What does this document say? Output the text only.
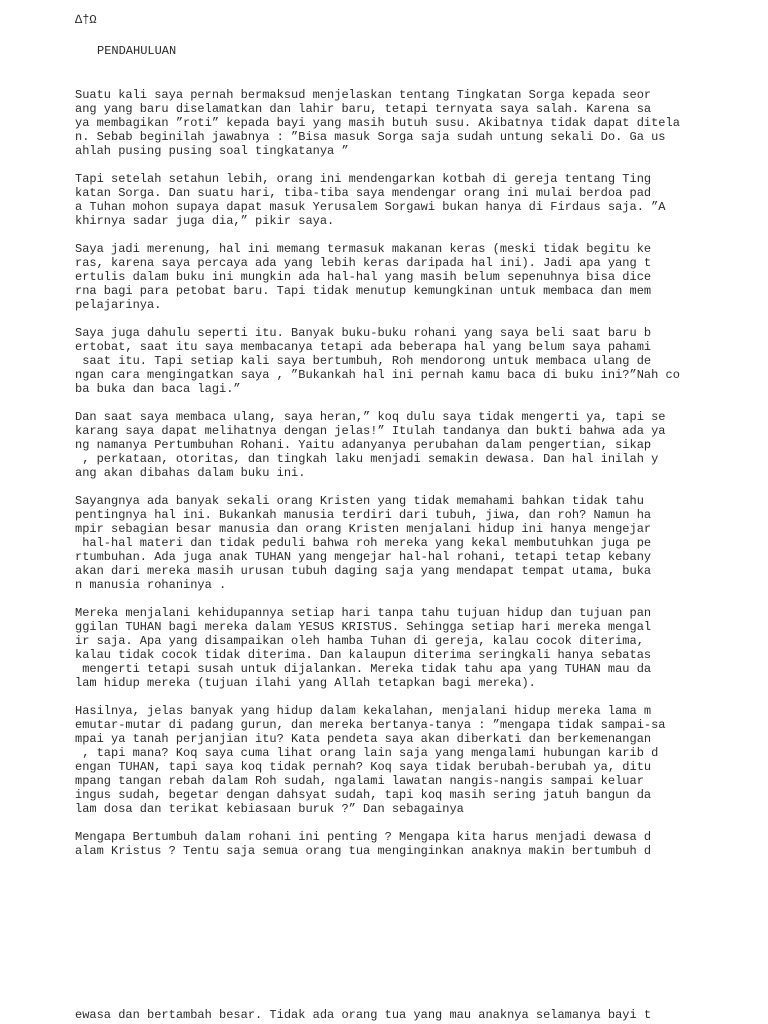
∆†Ω
PENDAHULUAN
Suatu kali saya pernah bermaksud menjelaskan tentang Tingkatan Sorga kepada seor
ang yang baru diselamatkan dan lahir baru, tetapi ternyata saya salah. Karena sa
ya membagikan ”roti” kepada bayi yang masih butuh susu. Akibatnya tidak dapat ditela
n. Sebab beginilah jawabnya : ”Bisa masuk Sorga saja sudah untung sekali Do. Ga us
ahlah pusing pusing soal tingkatanya ”
Tapi setelah setahun lebih, orang ini mendengarkan kotbah di gereja tentang Ting
katan Sorga. Dan suatu hari, tiba-tiba saya mendengar orang ini mulai berdoa pad
a Tuhan mohon supaya dapat masuk Yerusalem Sorgawi bukan hanya di Firdaus saja. ”A
khirnya sadar juga dia,” pikir saya.
Saya jadi merenung, hal ini memang termasuk makanan keras (meski tidak begitu ke
ras, karena saya percaya ada yang lebih keras daripada hal ini). Jadi apa yang t
ertulis dalam buku ini mungkin ada hal-hal yang masih belum sepenuhnya bisa dice
rna bagi para petobat baru. Tapi tidak menutup kemungkinan untuk membaca dan mem
pelajarinya.
Saya juga dahulu seperti itu. Banyak buku-buku rohani yang saya beli saat baru b
ertobat, saat itu saya membacanya tetapi ada beberapa hal yang belum saya pahami
saat itu. Tapi setiap kali saya bertumbuh, Roh mendorong untuk membaca ulang de
ngan cara mengingatkan saya , ”Bukankah hal ini pernah kamu baca di buku ini?”Nah co
ba buka dan baca lagi.”
Dan saat saya membaca ulang, saya heran,” koq dulu saya tidak mengerti ya, tapi se
karang saya dapat melihatnya dengan jelas!” Itulah tandanya dan bukti bahwa ada ya
ng namanya Pertumbuhan Rohani. Yaitu adanyanya perubahan dalam pengertian, sikap
, perkataan, otoritas, dan tingkah laku menjadi semakin dewasa. Dan hal inilah y
ang akan dibahas dalam buku ini.
Sayangnya ada banyak sekali orang Kristen yang tidak memahami bahkan tidak tahu
pentingnya hal ini. Bukankah manusia terdiri dari tubuh, jiwa, dan roh? Namun ha
mpir sebagian besar manusia dan orang Kristen menjalani hidup ini hanya mengejar
hal-hal materi dan tidak peduli bahwa roh mereka yang kekal membutuhkan juga pe
rtumbuhan. Ada juga anak TUHAN yang mengejar hal-hal rohani, tetapi tetap kebany
akan dari mereka masih urusan tubuh daging saja yang mendapat tempat utama, buka
n manusia rohaninya .
Mereka menjalani kehidupannya setiap hari tanpa tahu tujuan hidup dan tujuan pan
ggilan TUHAN bagi mereka dalam YESUS KRISTUS. Sehingga setiap hari mereka mengal
ir saja. Apa yang disampaikan oleh hamba Tuhan di gereja, kalau cocok diterima,
kalau tidak cocok tidak diterima. Dan kalaupun diterima seringkali hanya sebatas
mengerti tetapi susah untuk dijalankan. Mereka tidak tahu apa yang TUHAN mau da
lam hidup mereka (tujuan ilahi yang Allah tetapkan bagi mereka).
Hasilnya, jelas banyak yang hidup dalam kekalahan, menjalani hidup mereka lama m
emutar-mutar di padang gurun, dan mereka bertanya-tanya : ”mengapa tidak sampai-sa
mpai ya tanah perjanjian itu? Kata pendeta saya akan diberkati dan berkemenangan
, tapi mana? Koq saya cuma lihat orang lain saja yang mengalami hubungan karib d
engan TUHAN, tapi saya koq tidak pernah? Koq saya tidak berubah-berubah ya, ditu
mpang tangan rebah dalam Roh sudah, ngalami lawatan nangis-nangis sampai keluar
ingus sudah, begetar dengan dahsyat sudah, tapi koq masih sering jatuh bangun da
lam dosa dan terikat kebiasaan buruk ?” Dan sebagainya
Mengapa Bertumbuh dalam rohani ini penting ? Mengapa kita harus menjadi dewasa d
alam Kristus ? Tentu saja semua orang tua menginginkan anaknya makin bertumbuh d
ewasa dan bertambah besar. Tidak ada orang tua yang mau anaknya selamanya bayi t
